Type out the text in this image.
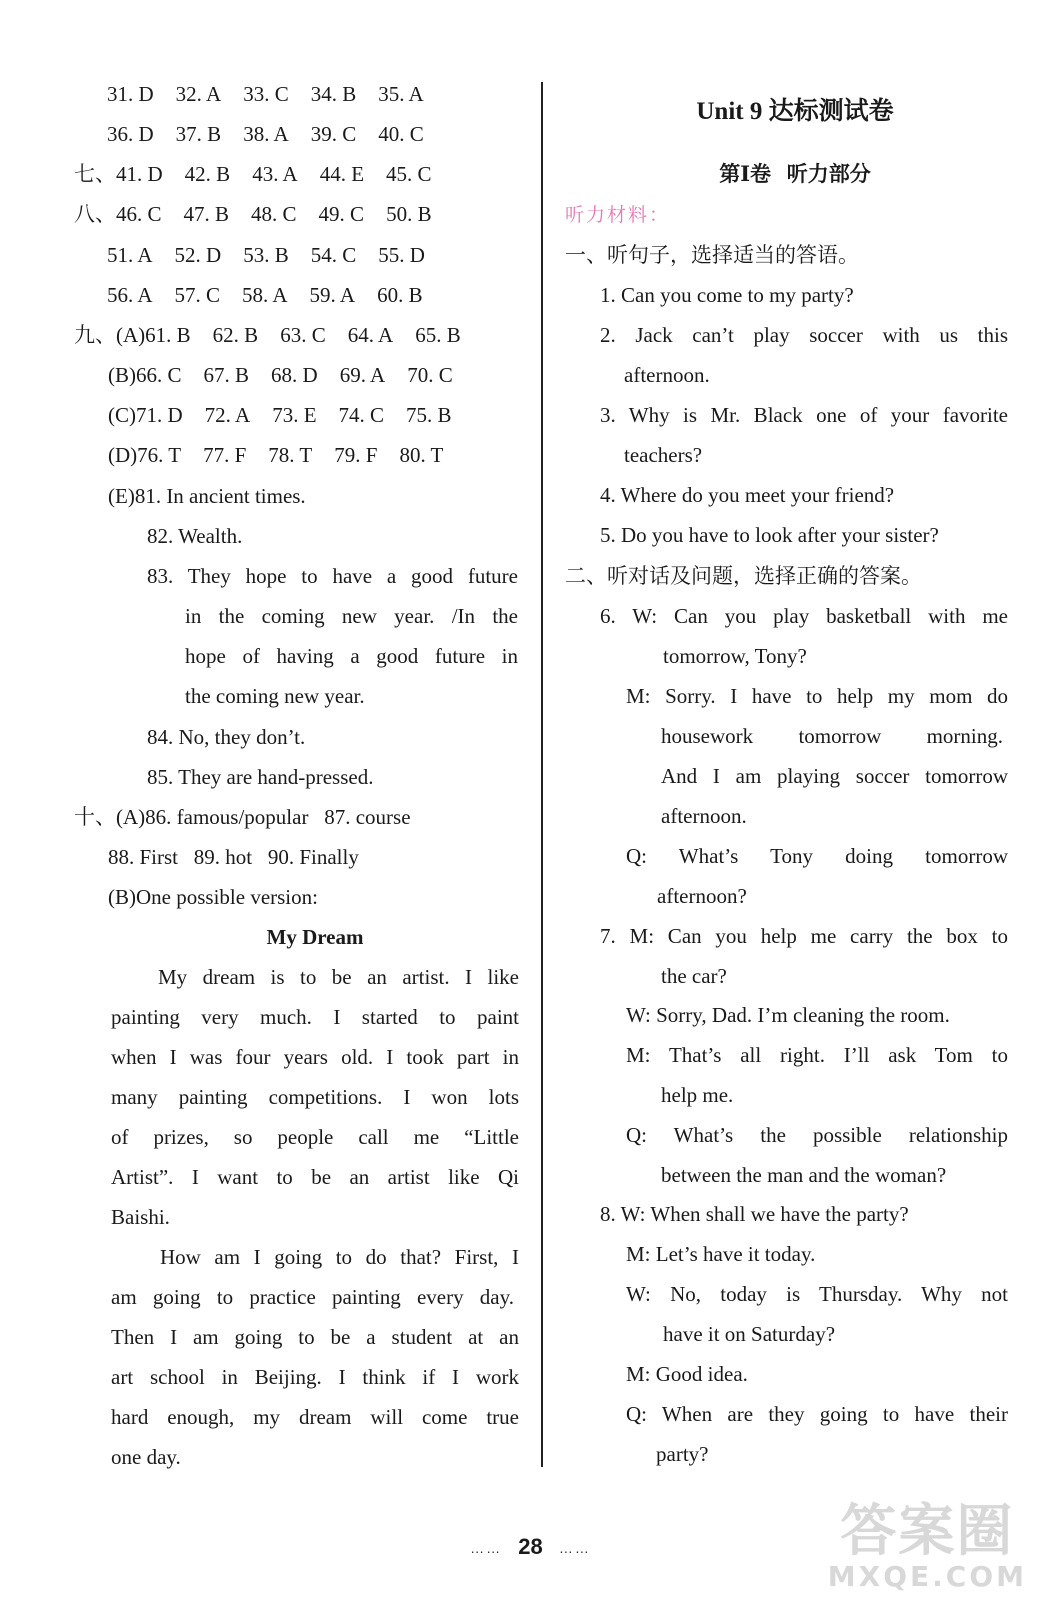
31. D 32. A 33. C 34. B 35. A
36. D 37. B 38. A 39. C 40. C
七、41. D 42. B 43. A 44. E 45. C
八、46. C 47. B 48. C 49. C 50. B
51. A 52. D 53. B 54. C 55. D
56. A 57. C 58. A 59. A 60. B
九、(A)61. B 62. B 63. C 64. A 65. B
(B)66. C 67. B 68. D 69. A 70. C
(C)71. D 72. A 73. E 74. C 75. B
(D)76. T 77. F 78. T 79. F 80. T
(E)81. In ancient times.
82. Wealth.
83. They hope to have a good future
in the coming new year. /In the
hope of having a good future in
the coming new year.
84. No, they don’t.
85. They are hand-pressed.
十、(A)86. famous/popular   87. course
88. First   89. hot   90. Finally
(B)One possible version:
My Dream
My dream is to be an artist. I like
painting very much. I started to paint
when I was four years old. I took part in
many painting competitions. I won lots
of prizes, so people call me “Little
Artist”. I want to be an artist like Qi
Baishi.
How am I going to do that? First, I
am going to practice painting every day.
Then I am going to be a student at an
art school in Beijing. I think if I work
hard enough, my dream will come true
one day.
Unit 9 达标测试卷
第Ⅰ卷   听力部分
听力材料：
一、听句子，选择适当的答语。
1. Can you come to my party?
2. Jack can’t play soccer with us this
afternoon.
3. Why is Mr. Black one of your favorite
teachers?
4. Where do you meet your friend?
5. Do you have to look after your sister?
二、听对话及问题，选择正确的答案。
6. W: Can you play basketball with me
tomorrow, Tony?
M: Sorry. I have to help my mom do
housework tomorrow morning.
And I am playing soccer tomorrow
afternoon.
Q: What’s Tony doing tomorrow
afternoon?
7. M: Can you help me carry the box to
the car?
W: Sorry, Dad. I’m cleaning the room.
M: That’s all right. I’ll ask Tom to
help me.
Q: What’s the possible relationship
between the man and the woman?
8. W: When shall we have the party?
M: Let’s have it today.
W: No, today is Thursday. Why not
have it on Saturday?
M: Good idea.
Q: When are they going to have their
party?
…… 28 ……	答案圈
MXQE.COM
